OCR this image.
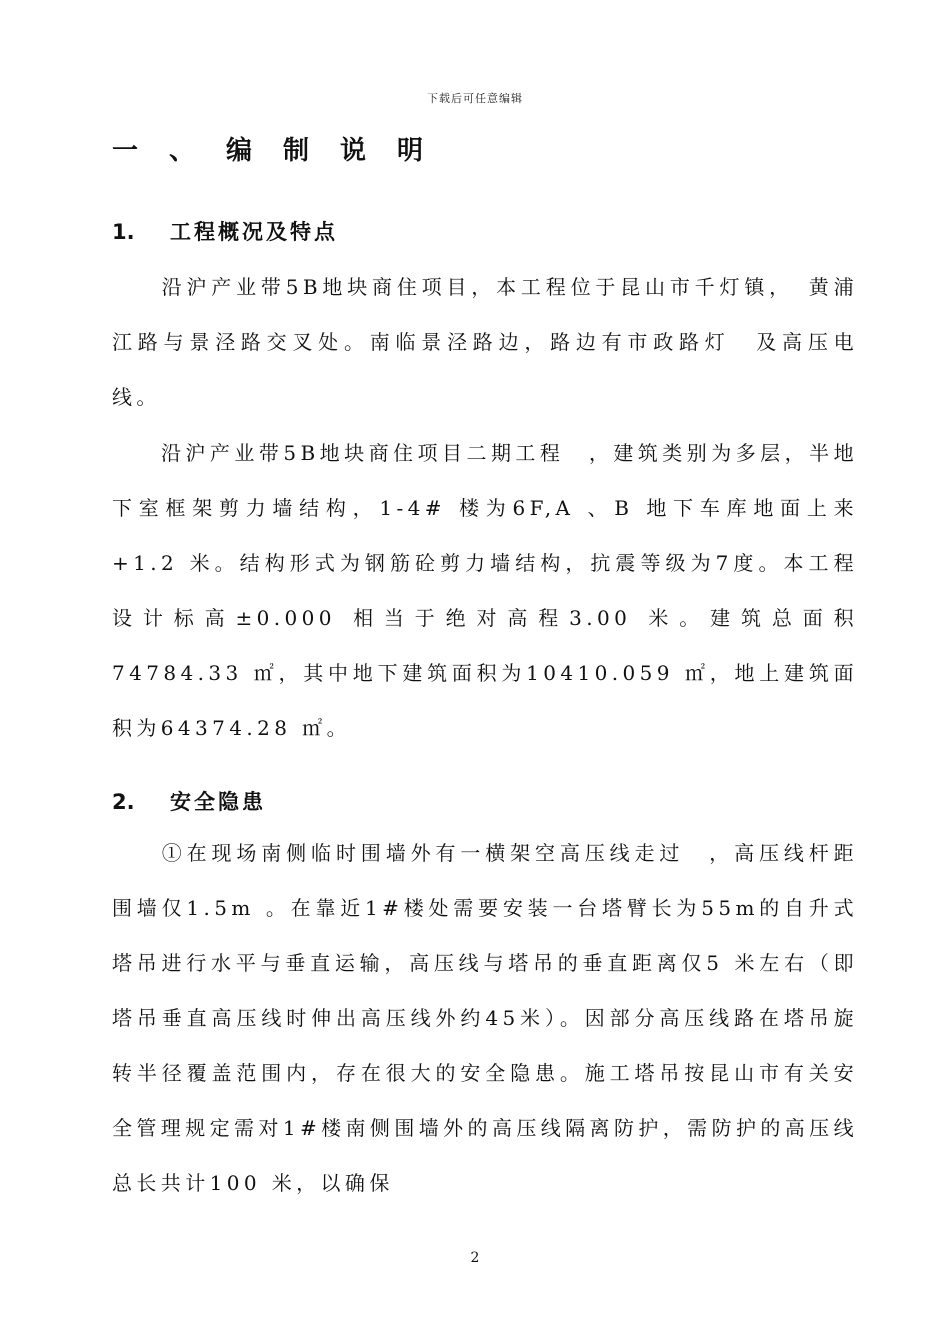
下载后可任意编辑
一、编制说明
1. 工程概况及特点
　　沿沪产业带5B地块商住项目，本工程位于昆山市千灯镇，　黄浦江路与景泾路交叉处。南临景泾路边，路边有市政路灯　及高压电线。
　　沿沪产业带5B地块商住项目二期工程　，建筑类别为多层，半地下室框架剪力墙结构，1-4# 楼为6F,A 、B 地下车库地面上来+1.2 米。结构形式为钢筋砼剪力墙结构，抗震等级为7度。本工程设计标高±0.000 相当于绝对高程3.00 米。建筑总面积74784.33 ㎡，其中地下建筑面积为10410.059 ㎡，地上建筑面积为64374.28 ㎡。
2. 安全隐患
　　①在现场南侧临时围墙外有一横架空高压线走过　，高压线杆距围墙仅1.5m 。在靠近1#楼处需要安装一台塔臂长为55m的自升式塔吊进行水平与垂直运输，高压线与塔吊的垂直距离仅5 米左右（即塔吊垂直高压线时伸出高压线外约45米）。因部分高压线路在塔吊旋转半径覆盖范围内，存在很大的安全隐患。施工塔吊按昆山市有关安全管理规定需对1#楼南侧围墙外的高压线隔离防护，需防护的高压线总长共计100 米，以确保
2
